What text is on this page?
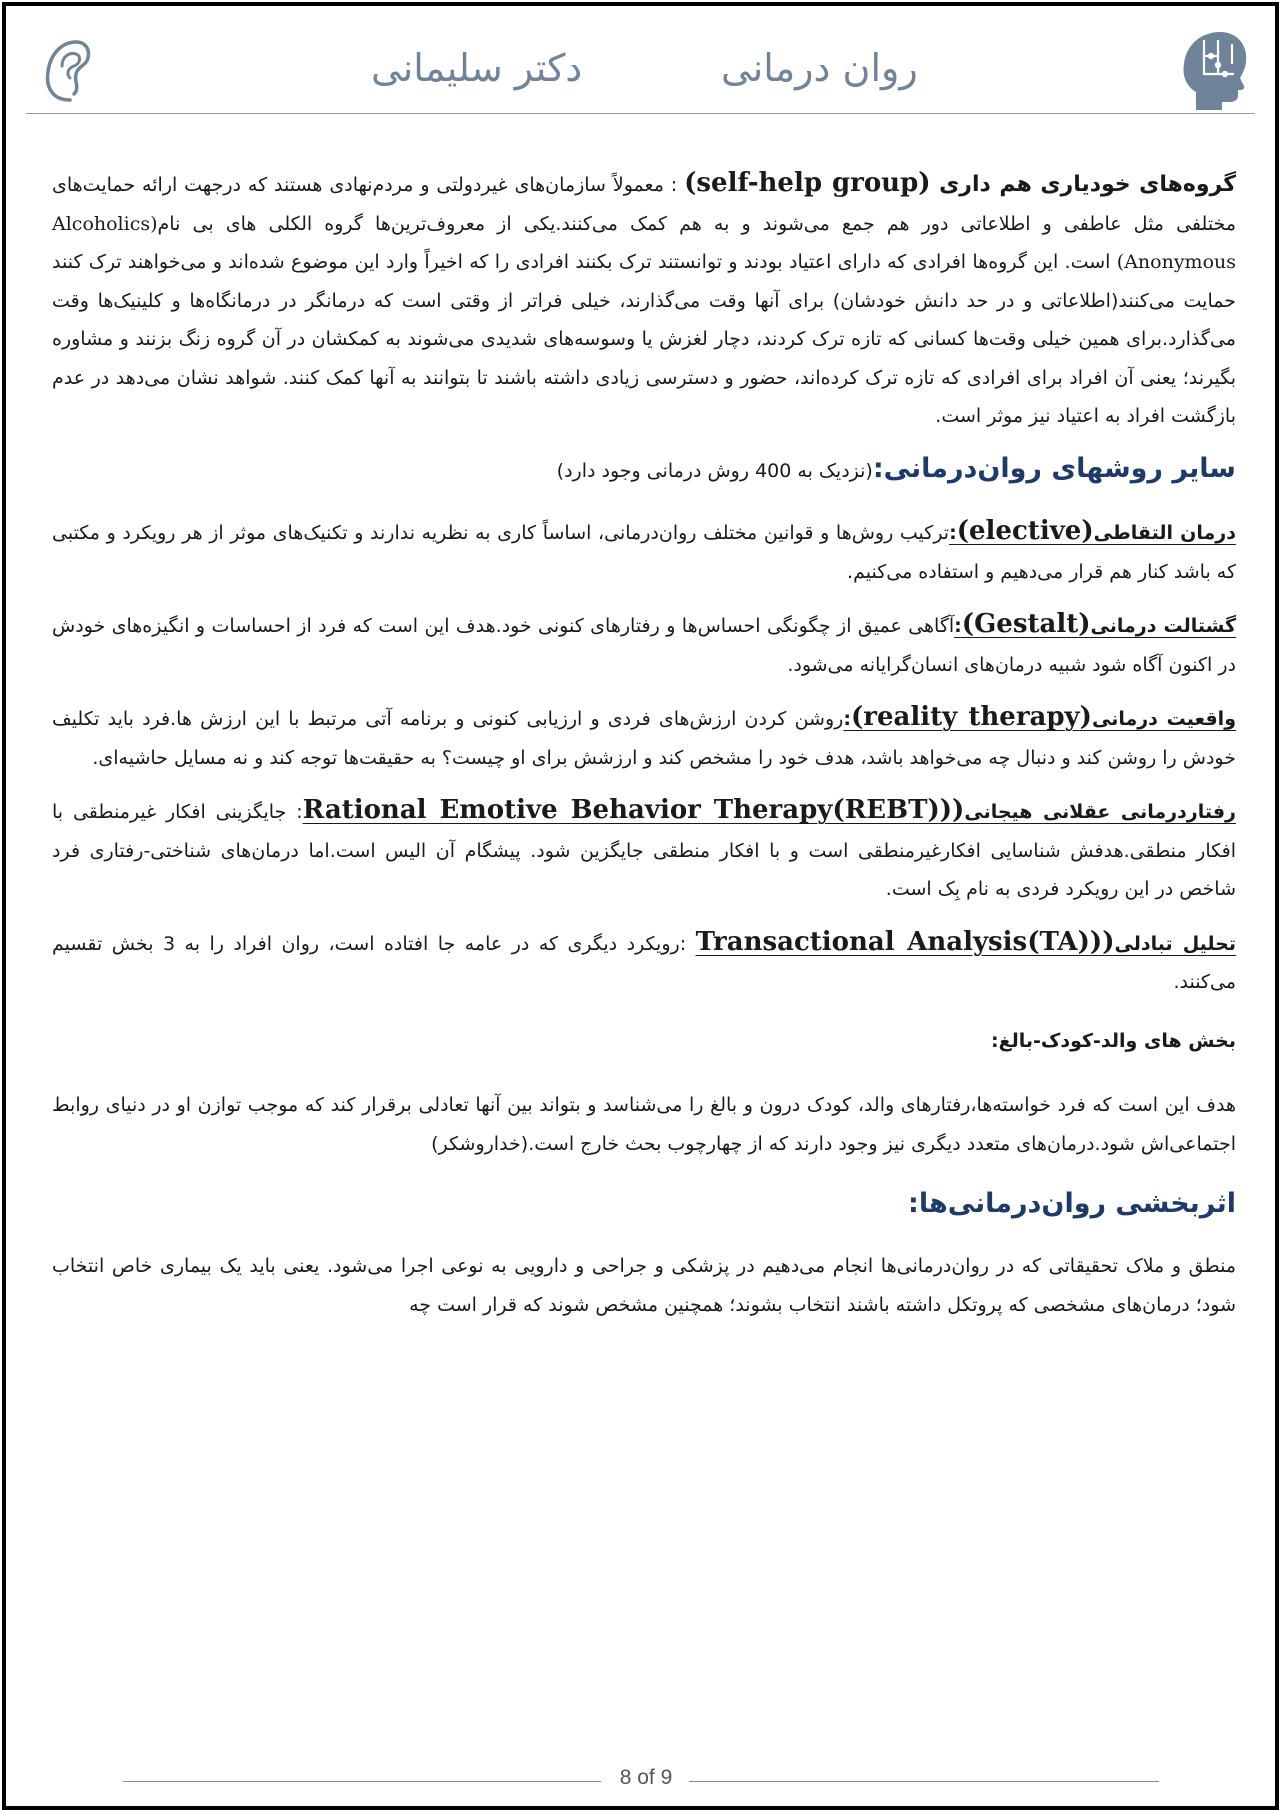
دکتر سلیمانی	روان درمانی

گروه‌های خودیاری هم داری (self-help group) : معمولاً سازمان‌های غیردولتی و مردم‌نهادی هستند که درجهت ارائه حمایت‌های مختلفی مثل عاطفی و اطلاعاتی دور هم جمع می‌شوند و به هم کمک می‌کنند.یکی از معروف‌ترین‌ها گروه الکلی های بی نام(Alcoholics Anonymous) است. این گروه‌ها افرادی که دارای اعتیاد بودند و توانستند ترک بکنند افرادی را که اخیراً وارد این موضوع شده‌اند و می‌خواهند ترک کنند حمایت می‌کنند(اطلاعاتی و در حد دانش خودشان) برای آنها وقت می‌گذارند، خیلی فراتر از وقتی است که درمانگر در درمانگاه‌ها و کلینیک‌ها وقت می‌گذارد.برای همین خیلی وقت‌ها کسانی که تازه ترک کردند، دچار لغزش یا وسوسه‌های شدیدی می‌شوند به کمکشان در آن گروه زنگ بزنند و مشاوره بگیرند؛ یعنی آن افراد برای افرادی که تازه ترک کرده‌اند، حضور و دسترسی زیادی داشته باشند تا بتوانند به آنها کمک کنند. شواهد نشان می‌دهد در عدم بازگشت افراد به اعتیاد نیز موثر است.

سایر روشهای روان‌درمانی:(نزدیک به 400 روش درمانی وجود دارد)

درمان التقاطی(elective):ترکیب روش‌ها و قوانین مختلف روان‌درمانی، اساساً کاری به نظریه ندارند و تکنیک‌های موثر از هر رویکرد و مکتبی که باشد کنار هم قرار می‌دهیم و استفاده می‌کنیم.

گشتالت درمانی(Gestalt):آگاهی عمیق از چگونگی احساس‌ها و رفتارهای کنونی خود.هدف این است که فرد از احساسات و انگیزه‌های خودش در اکنون آگاه شود شبیه درمان‌های انسان‌گرایانه می‌شود.

واقعیت درمانی(reality therapy):روشن کردن ارزش‌های فردی و ارزیابی کنونی و برنامه آتی مرتبط با این ارزش ها.فرد باید تکلیف خودش را روشن کند و دنبال چه می‌خواهد باشد، هدف خود را مشخص کند و ارزشش برای او چیست؟ به حقیقت‌ها توجه کند و نه مسایل حاشیه‌ای.

رفتاردرمانی عقلانی هیجانی((Rational Emotive Behavior Therapy(REBT): جایگزینی افکار غیرمنطقی با افکار منطقی.هدفش شناسایی افکارغیرمنطقی است و با افکار منطقی جایگزین شود. پیشگام آن الیس است.اما درمان‌های شناختی-رفتاری فرد شاخص در این رویکرد فردی به نام بِک است.

تحلیل تبادلی((Transactional Analysis(TA) :رویکرد دیگری که در عامه جا افتاده است، روان افراد را به 3 بخش تقسیم می‌کنند.

بخش های والد-کودک-بالغ:

هدف این است که فرد خواسته‌ها،رفتارهای والد، کودک درون و بالغ را می‌شناسد و بتواند بین آنها تعادلی برقرار کند که موجب توازن او در دنیای روابط اجتماعی‌اش شود.درمان‌های متعدد دیگری نیز وجود دارند که از چهارچوب بحث خارج است.(خداروشکر)

اثربخشی روان‌درمانی‌ها:

منطق و ملاک تحقیقاتی که در روان‌درمانی‌ها انجام می‌دهیم در پزشکی و جراحی و دارویی به نوعی اجرا می‌شود. یعنی باید یک بیماری خاص انتخاب شود؛ درمان‌های مشخصی که پروتکل داشته باشند انتخاب بشوند؛ همچنین مشخص شوند که قرار است چه

8 of 9
